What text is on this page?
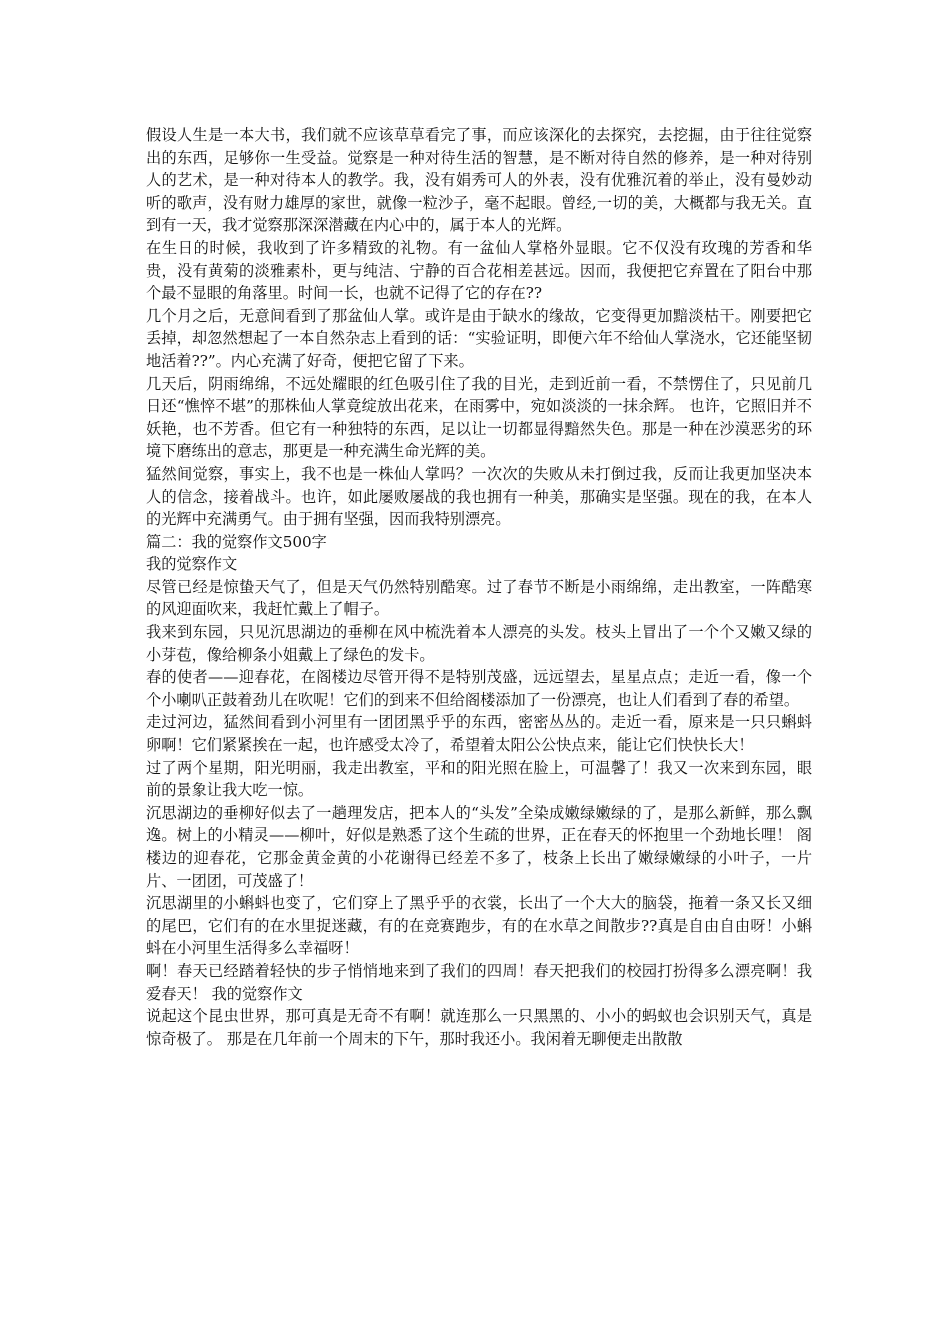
假设人生是一本大书，我们就不应该草草看完了事，而应该深化的去探究，去挖掘，由于往往觉察出的东西，足够你一生受益。觉察是一种对待生活的智慧，是不断对待自然的修养，是一种对待别人的艺术，是一种对待本人的教学。我，没有娟秀可人的外表，没有优雅沉着的举止，没有曼妙动听的歌声，没有财力雄厚的家世，就像一粒沙子，毫不起眼。曾经,一切的美，大概都与我无关。直到有一天，我才觉察那深深潜藏在内心中的，属于本人的光辉。

在生日的时候，我收到了许多精致的礼物。有一盆仙人掌格外显眼。它不仅没有玫瑰的芳香和华贵，没有黄菊的淡雅素朴，更与纯洁、宁静的百合花相差甚远。因而，我便把它弃置在了阳台中那个最不显眼的角落里。时间一长，也就不记得了它的存在??

几个月之后，无意间看到了那盆仙人掌。或许是由于缺水的缘故，它变得更加黯淡枯干。刚要把它丢掉，却忽然想起了一本自然杂志上看到的话：“实验证明，即便六年不给仙人掌浇水，它还能坚韧地活着??”。内心充满了好奇，便把它留了下来。

几天后，阴雨绵绵，不远处耀眼的红色吸引住了我的目光，走到近前一看，不禁愣住了，只见前几日还“憔悴不堪”的那株仙人掌竟绽放出花来，在雨雾中，宛如淡淡的一抹余辉。 也许，它照旧并不妖艳，也不芳香。但它有一种独特的东西，足以让一切都显得黯然失色。那是一种在沙漠恶劣的环境下磨练出的意志，那更是一种充满生命光辉的美。

猛然间觉察，事实上，我不也是一株仙人掌吗？一次次的失败从未打倒过我，反而让我更加坚决本人的信念，接着战斗。也许，如此屡败屡战的我也拥有一种美，那确实是坚强。现在的我，在本人的光辉中充满勇气。由于拥有坚强，因而我特别漂亮。

篇二：我的觉察作文500字

我的觉察作文

尽管已经是惊蛰天气了，但是天气仍然特别酷寒。过了春节不断是小雨绵绵，走出教室，一阵酷寒的风迎面吹来，我赶忙戴上了帽子。

我来到东园，只见沉思湖边的垂柳在风中梳洗着本人漂亮的头发。枝头上冒出了一个个又嫩又绿的小芽苞，像给柳条小姐戴上了绿色的发卡。

春的使者——迎春花，在阁楼边尽管开得不是特别茂盛，远远望去，星星点点；走近一看，像一个个小喇叭正鼓着劲儿在吹呢！它们的到来不但给阁楼添加了一份漂亮，也让人们看到了春的希望。

走过河边，猛然间看到小河里有一团团黑乎乎的东西，密密丛丛的。走近一看，原来是一只只蝌蚪卵啊！它们紧紧挨在一起，也许感受太冷了，希望着太阳公公快点来，能让它们快快长大！

过了两个星期，阳光明丽，我走出教室，平和的阳光照在脸上，可温馨了！我又一次来到东园，眼前的景象让我大吃一惊。

沉思湖边的垂柳好似去了一趟理发店，把本人的“头发”全染成嫩绿嫩绿的了，是那么新鲜，那么飘逸。树上的小精灵——柳叶，好似是熟悉了这个生疏的世界，正在春天的怀抱里一个劲地长哩！ 阁楼边的迎春花，它那金黄金黄的小花谢得已经差不多了，枝条上长出了嫩绿嫩绿的小叶子，一片片、一团团，可茂盛了！

沉思湖里的小蝌蚪也变了，它们穿上了黑乎乎的衣裳，长出了一个大大的脑袋，拖着一条又长又细的尾巴，它们有的在水里捉迷藏，有的在竞赛跑步，有的在水草之间散步??真是自由自由呀！小蝌蚪在小河里生活得多么幸福呀！

啊！春天已经踏着轻快的步子悄悄地来到了我们的四周！春天把我们的校园打扮得多么漂亮啊！我爱春天！ 我的觉察作文

说起这个昆虫世界，那可真是无奇不有啊！就连那么一只黑黑的、小小的蚂蚁也会识别天气，真是惊奇极了。 那是在几年前一个周末的下午，那时我还小。我闲着无聊便走出散散
